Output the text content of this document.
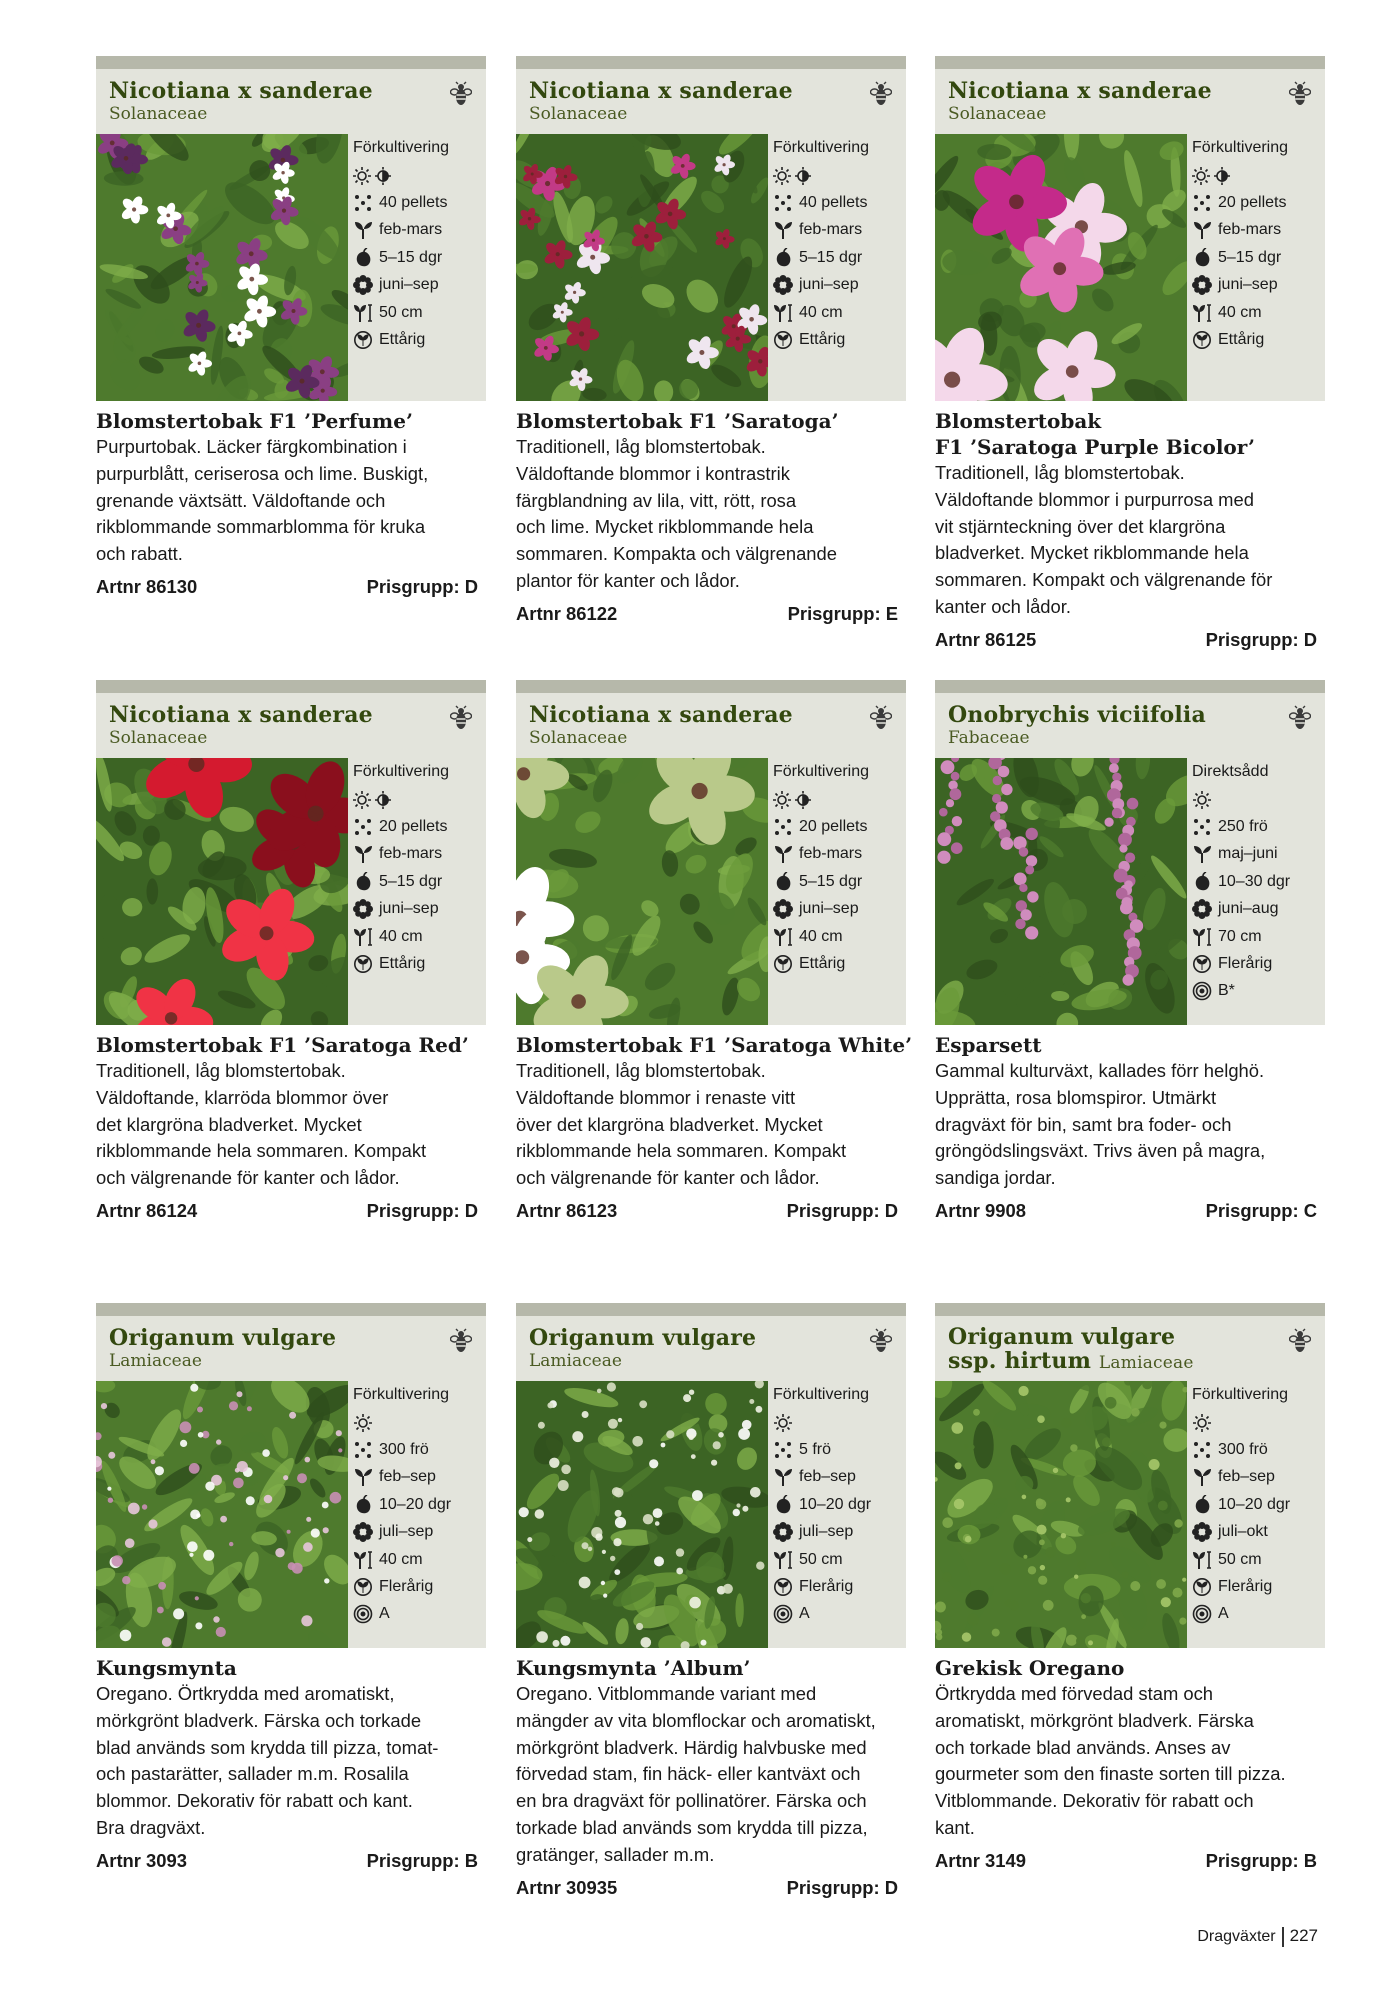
Nicotiana x sanderae
Solanaceae
Förkultivering
40 pellets
feb-mars
5–15 dgr
juni–sep
50 cm
Ettårig
Blomstertobak F1 ’Perfume’
Purpurtobak. Läcker färgkombination i
purpurblått, ceriserosa och lime. Buskigt,
grenande växtsätt. Väldoftande och
rikblommande sommarblomma för kruka
och rabatt.
Artnr 86130	Prisgrupp: D
Nicotiana x sanderae
Solanaceae
Förkultivering
40 pellets
feb-mars
5–15 dgr
juni–sep
40 cm
Ettårig
Blomstertobak F1 ’Saratoga’
Traditionell, låg blomstertobak.
Väldoftande blommor i kontrastrik
färgblandning av lila, vitt, rött, rosa
och lime. Mycket rikblommande hela
sommaren. Kompakta och välgrenande
plantor för kanter och lådor.
Artnr 86122	Prisgrupp: E
Nicotiana x sanderae
Solanaceae
Förkultivering
20 pellets
feb-mars
5–15 dgr
juni–sep
40 cm
Ettårig
Blomstertobak
F1 ’Saratoga Purple Bicolor’
Traditionell, låg blomstertobak.
Väldoftande blommor i purpurrosa med
vit stjärnteckning över det klargröna
bladverket. Mycket rikblommande hela
sommaren. Kompakt och välgrenande för
kanter och lådor.
Artnr 86125	Prisgrupp: D
Nicotiana x sanderae
Solanaceae
Förkultivering
20 pellets
feb-mars
5–15 dgr
juni–sep
40 cm
Ettårig
Blomstertobak F1 ’Saratoga Red’
Traditionell, låg blomstertobak.
Väldoftande, klarröda blommor över
det klargröna bladverket. Mycket
rikblommande hela sommaren. Kompakt
och välgrenande för kanter och lådor.
Artnr 86124	Prisgrupp: D
Nicotiana x sanderae
Solanaceae
Förkultivering
20 pellets
feb-mars
5–15 dgr
juni–sep
40 cm
Ettårig
Blomstertobak F1 ’Saratoga White’
Traditionell, låg blomstertobak.
Väldoftande blommor i renaste vitt
över det klargröna bladverket. Mycket
rikblommande hela sommaren. Kompakt
och välgrenande för kanter och lådor.
Artnr 86123	Prisgrupp: D
Onobrychis viciifolia
Fabaceae
Direktsådd
250 frö
maj–juni
10–30 dgr
juni–aug
70 cm
Flerårig
B*
Esparsett
Gammal kulturväxt, kallades förr helghö.
Upprätta, rosa blomspiror. Utmärkt
dragväxt för bin, samt bra foder- och
gröngödslingsväxt. Trivs även på magra,
sandiga jordar.
Artnr 9908	Prisgrupp: C
Origanum vulgare
Lamiaceae
Förkultivering
300 frö
feb–sep
10–20 dgr
juli–sep
40 cm
Flerårig
A
Kungsmynta
Oregano. Örtkrydda med aromatiskt,
mörkgrönt bladverk. Färska och torkade
blad används som krydda till pizza, tomat-
och pastarätter, sallader m.m. Rosalila
blommor. Dekorativ för rabatt och kant.
Bra dragväxt.
Artnr 3093	Prisgrupp: B
Origanum vulgare
Lamiaceae
Förkultivering
5 frö
feb–sep
10–20 dgr
juli–sep
50 cm
Flerårig
A
Kungsmynta ’Album’
Oregano. Vitblommande variant med
mängder av vita blomflockar och aromatiskt,
mörkgrönt bladverk. Härdig halvbuske med
förvedad stam, fin häck- eller kantväxt och
en bra dragväxt för pollinatörer. Färska och
torkade blad används som krydda till pizza,
gratänger, sallader m.m.
Artnr 30935	Prisgrupp: D
Origanum vulgare
ssp. hirtum Lamiaceae
Förkultivering
300 frö
feb–sep
10–20 dgr
juli–okt
50 cm
Flerårig
A
Grekisk Oregano
Örtkrydda med förvedad stam och
aromatiskt, mörkgrönt bladverk. Färska
och torkade blad används. Anses av
gourmeter som den finaste sorten till pizza.
Vitblommande. Dekorativ för rabatt och
kant.
Artnr 3149	Prisgrupp: B
Dragväxter 227
